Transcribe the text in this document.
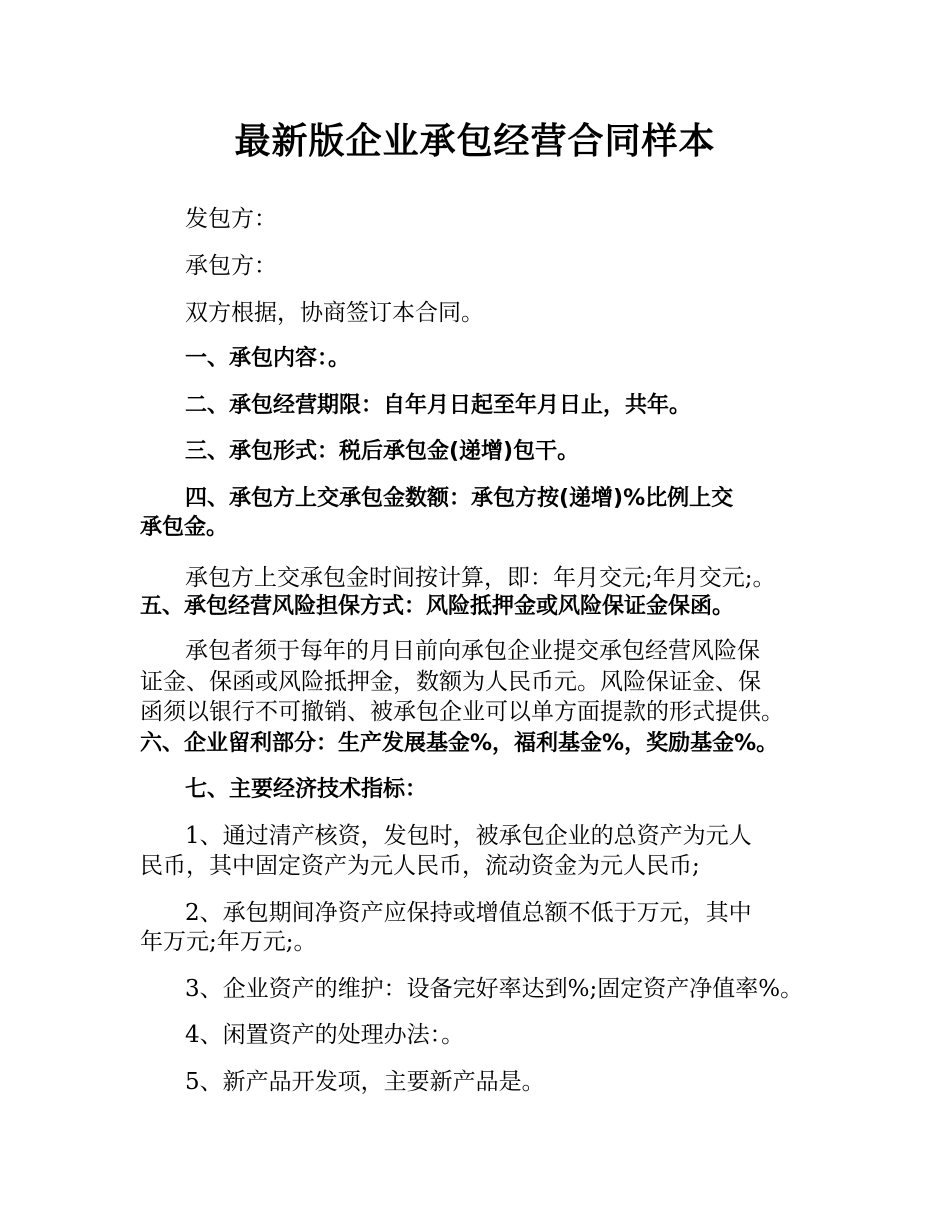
最新版企业承包经营合同样本
发包方：
承包方：
双方根据，协商签订本合同。
一、承包内容：。
二、承包经营期限：自年月日起至年月日止，共年。
三、承包形式：税后承包金(递增)包干。
四、承包方上交承包金数额：承包方按(递增)%比例上交
承包金。
承包方上交承包金时间按计算，即：年月交元;年月交元;。
五、承包经营风险担保方式：风险抵押金或风险保证金保函。
承包者须于每年的月日前向承包企业提交承包经营风险保
证金、保函或风险抵押金，数额为人民币元。风险保证金、保
函须以银行不可撤销、被承包企业可以单方面提款的形式提供。
六、企业留利部分：生产发展基金%，福利基金%，奖励基金%。
七、主要经济技术指标：
1、通过清产核资，发包时，被承包企业的总资产为元人
民币，其中固定资产为元人民币，流动资金为元人民币;
2、承包期间净资产应保持或增值总额不低于万元，其中
年万元;年万元;。
3、企业资产的维护：设备完好率达到%;固定资产净值率%。
4、闲置资产的处理办法：。
5、新产品开发项，主要新产品是。
